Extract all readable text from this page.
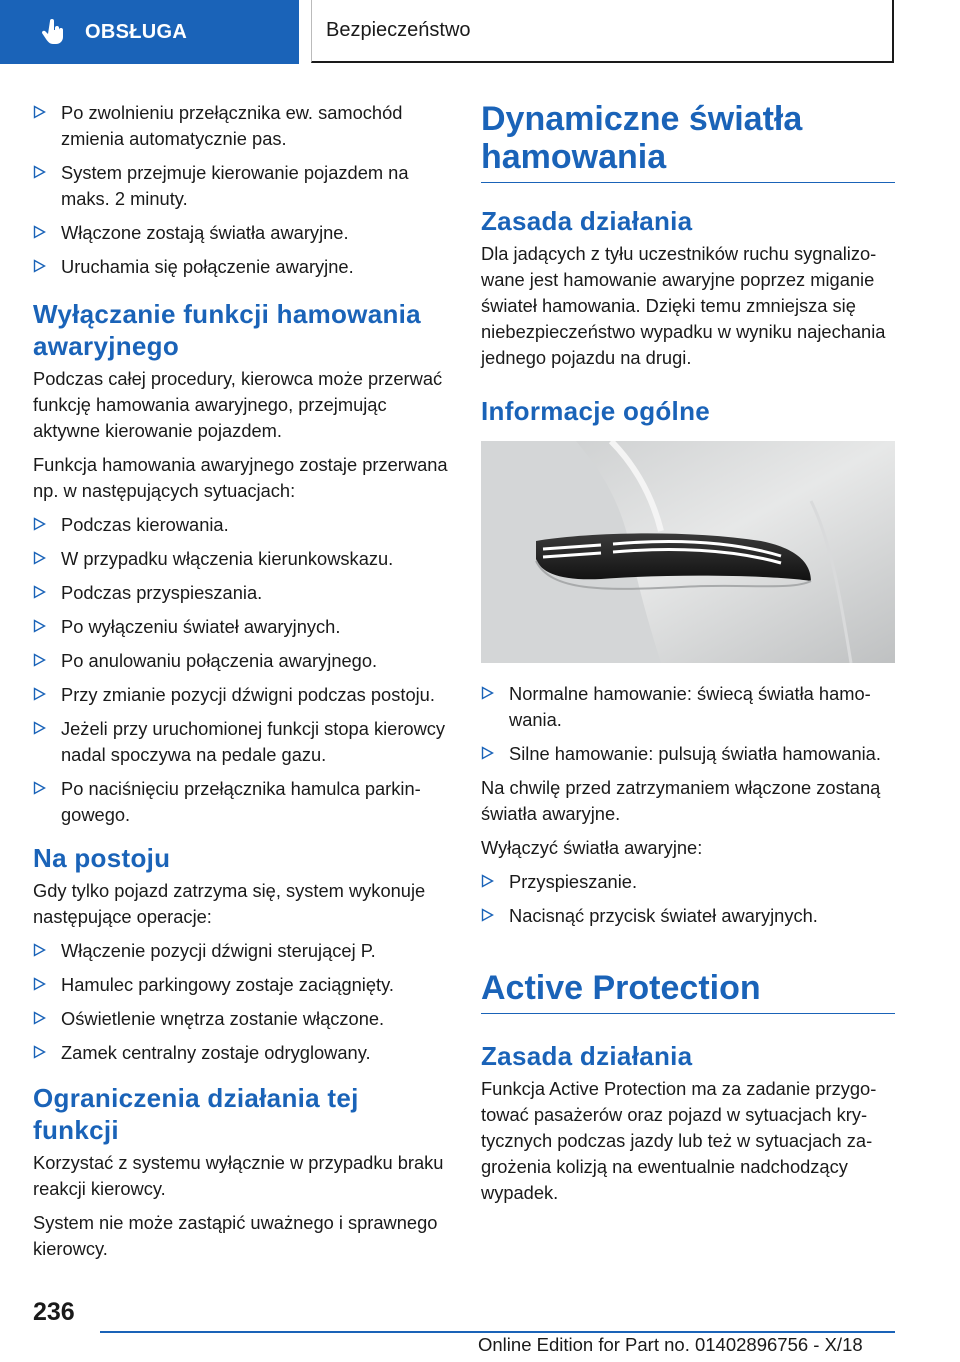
OBSŁUGA	Bezpieczeństwo
Po zwolnieniu przełącznika ew. samochód zmienia automatycznie pas.
System przejmuje kierowanie pojazdem na maks. 2 minuty.
Włączone zostają światła awaryjne.
Uruchamia się połączenie awaryjne.
Wyłączanie funkcji hamowania awaryjnego

Podczas całej procedury, kierowca może przerwać funkcję hamowania awaryjnego, przejmując aktywne kierowanie pojazdem.

Funkcja hamowania awaryjnego zostaje przerwana np. w następujących sytuacjach:

Podczas kierowania.
W przypadku włączenia kierunkowskazu.
Podczas przyspieszania.
Po wyłączeniu świateł awaryjnych.
Po anulowaniu połączenia awaryjnego.
Przy zmianie pozycji dźwigni podczas postoju.
Jeżeli przy uruchomionej funkcji stopa kierowcy nadal spoczywa na pedale gazu.
Po naciśnięciu przełącznika hamulca parkingowego.
Na postoju

Gdy tylko pojazd zatrzyma się, system wykonuje następujące operacje:

Włączenie pozycji dźwigni sterującej P.
Hamulec parkingowy zostaje zaciągnięty.
Oświetlenie wnętrza zostanie włączone.
Zamek centralny zostaje odryglowany.
Ograniczenia działania tej funkcji

Korzystać z systemu wyłącznie w przypadku braku reakcji kierowcy.

System nie może zastąpić uważnego i sprawnego kierowcy.

Dynamiczne światła hamowania
Zasada działania

Dla jadących z tyłu uczestników ruchu sygnalizowane jest hamowanie awaryjne poprzez miganie świateł hamowania. Dzięki temu zmniejsza się niebezpieczeństwo wypadku w wyniku najechania jednego pojazdu na drugi.

Informacje ogólne
Normalne hamowanie: świecą światła hamowania.
Silne hamowanie: pulsują światła hamowania.

Na chwilę przed zatrzymaniem włączone zostaną światła awaryjne.

Wyłączyć światła awaryjne:

Przyspieszanie.
Nacisnąć przycisk świateł awaryjnych.
Active Protection
Zasada działania

Funkcja Active Protection ma za zadanie przygotować pasażerów oraz pojazd w sytuacjach krytycznych podczas jazdy lub też w sytuacjach zagrożenia kolizją na ewentualnie nadchodzący wypadek.

236
Online Edition for Part no. 01402896756 - X/18
